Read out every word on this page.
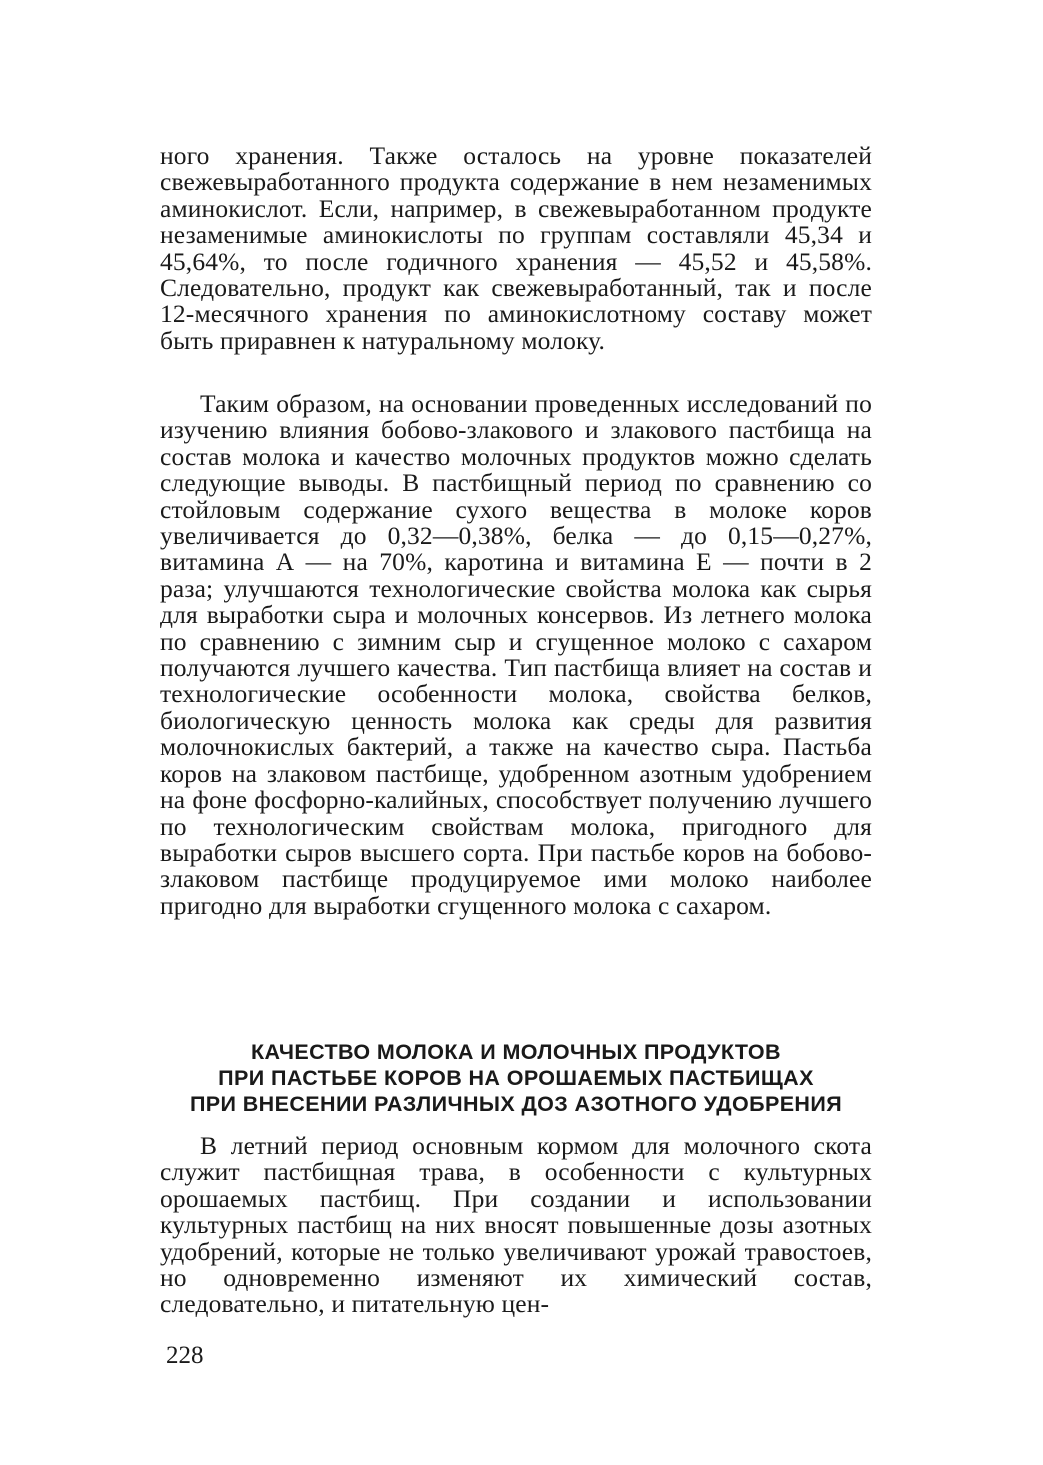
ного хранения. Также осталось на уровне показателей свежевыработанного продукта содержание в нем незаменимых аминокислот. Если, например, в свежевыработанном продукте незаменимые аминокислоты по группам составляли 45,34 и 45,64%, то после годичного хранения — 45,52 и 45,58%. Следовательно, продукт как свежевыработанный, так и после 12-месячного хранения по аминокислотному составу может быть приравнен к натуральному молоку.

Таким образом, на основании проведенных исследований по изучению влияния бобово-злакового и злакового пастбища на состав молока и качество молочных продуктов можно сделать следующие выводы. В пастбищный период по сравнению со стойловым содержание сухого вещества в молоке коров увеличивается до 0,32—0,38%, белка — до 0,15—0,27%, витамина А — на 70%, каротина и витамина Е — почти в 2 раза; улучшаются технологические свойства молока как сырья для выработки сыра и молочных консервов. Из летнего молока по сравнению с зимним сыр и сгущенное молоко с сахаром получаются лучшего качества. Тип пастбища влияет на состав и технологические особенности молока, свойства белков, биологическую ценность молока как среды для развития молочнокислых бактерий, а также на качество сыра. Пастьба коров на злаковом пастбище, удобренном азотным удобрением на фоне фосфорно-калийных, способствует получению лучшего по технологическим свойствам молока, пригодного для выработки сыров высшего сорта. При пастьбе коров на бобово-злаковом пастбище продуцируемое ими молоко наиболее пригодно для выработки сгущенного молока с сахаром.

КАЧЕСТВО МОЛОКА И МОЛОЧНЫХ ПРОДУКТОВ
ПРИ ПАСТЬБЕ КОРОВ НА ОРОШАЕМЫХ ПАСТБИЩАХ
ПРИ ВНЕСЕНИИ РАЗЛИЧНЫХ ДОЗ АЗОТНОГО УДОБРЕНИЯ

В летний период основным кормом для молочного скота служит пастбищная трава, в особенности с культурных орошаемых пастбищ. При создании и использовании культурных пастбищ на них вносят повышенные дозы азотных удобрений, которые не только увеличивают урожай травостоев, но одновременно изменяют их химический состав, следовательно, и питательную цен-

228
